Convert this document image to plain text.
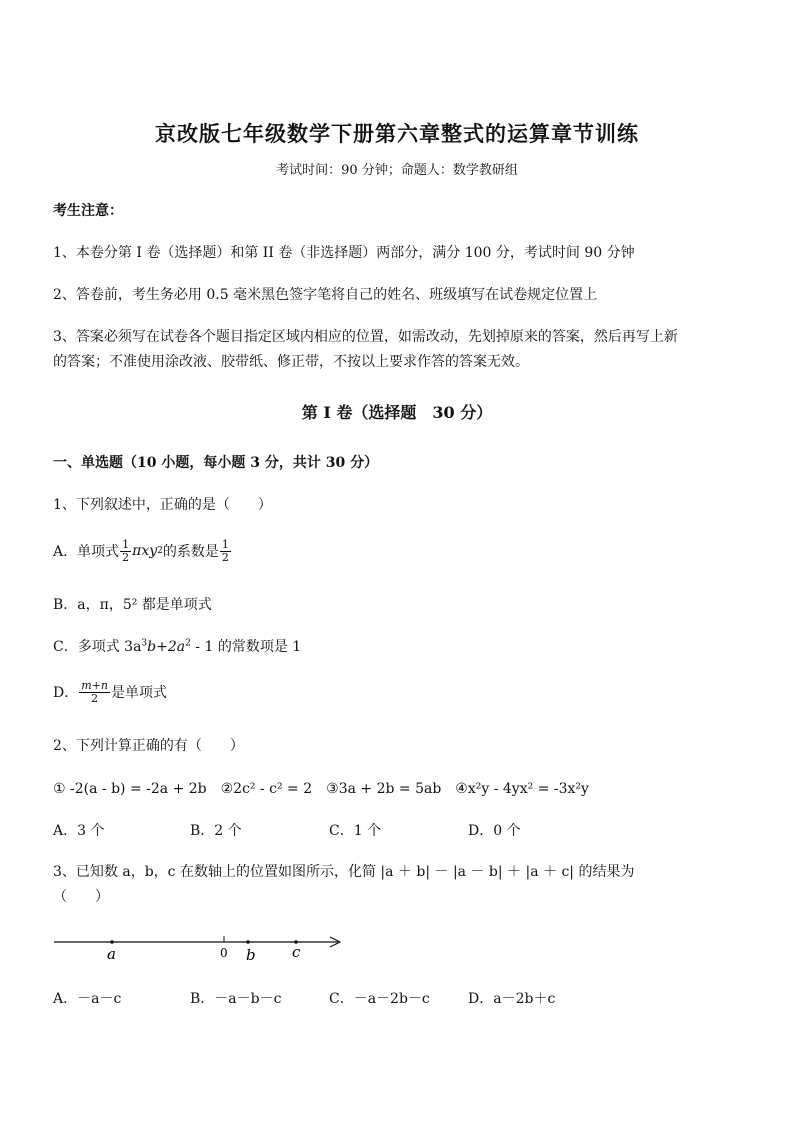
京改版七年级数学下册第六章整式的运算章节训练
考试时间：90 分钟；命题人：数学教研组
考生注意：
1、本卷分第 I 卷（选择题）和第 II 卷（非选择题）两部分，满分 100 分，考试时间 90 分钟
2、答卷前，考生务必用 0.5 毫米黑色签字笔将自己的姓名、班级填写在试卷规定位置上
3、答案必须写在试卷各个题目指定区域内相应的位置，如需改动，先划掉原来的答案，然后再写上新
的答案；不准使用涂改液、胶带纸、修正带，不按以上要求作答的答案无效。
第 I 卷（选择题　30 分）
一、单选题（10 小题，每小题 3 分，共计 30 分）
1、下列叙述中，正确的是（　　）
A．单项式 $\frac{1}{2}$ πxy 2 的系数是 $\frac{1}{2}$
B．a，π，5² 都是单项式
C．多项式 $3a^3b+2a^2 - 1$ 的常数项是 1
D． $\frac{m+n}{2}$ 是单项式
2、下列计算正确的有（　　）
① -2(a - b) = -2a + 2b　②2c² - c² = 2　③3a + 2b = 5ab　④x²y - 4yx² = -3x²y
A．3 个	B．2 个	C．1 个	D．0 个
3、已知数 a，b，c 在数轴上的位置如图所示，化简 |a ＋ b| － |a － b| ＋ |a ＋ c| 的结果为
（　　）
a	0 b c
A．－a－c	B．－a－b－c	C．－a－2b－c	D．a－2b＋c
